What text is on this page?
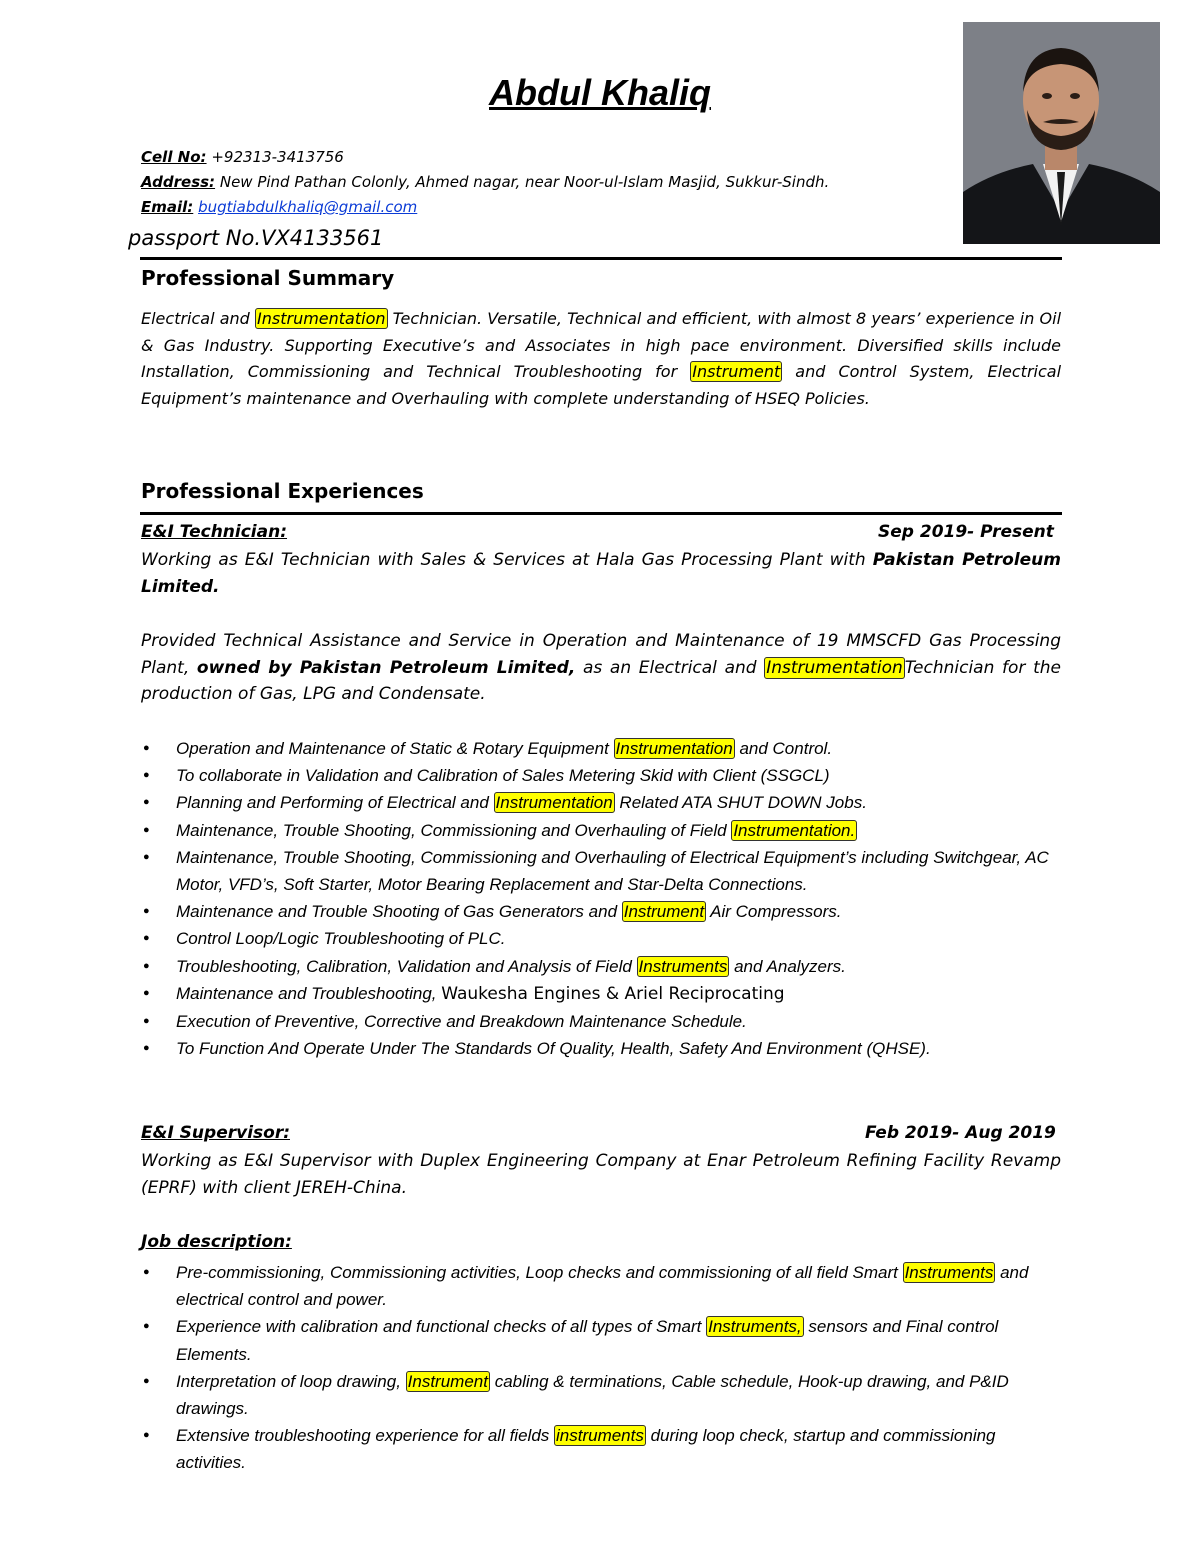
Abdul Khaliq
Cell No: +92313-3413756
Address: New Pind Pathan Colonly, Ahmed nagar, near Noor-ul-Islam Masjid, Sukkur-Sindh.
Email: bugtiabdulkhaliq@gmail.com
passport No.VX4133561
Professional Summary
Electrical and Instrumentation Technician. Versatile, Technical and efficient, with almost 8 years’ experience in Oil & Gas Industry. Supporting Executive’s and Associates in high pace environment. Diversified skills include Installation, Commissioning and Technical Troubleshooting for Instrument and Control System, Electrical Equipment’s maintenance and Overhauling with complete understanding of HSEQ Policies.
Professional Experiences
E&I Technician:	Sep 2019- Present
Working as E&I Technician with Sales & Services at Hala Gas Processing Plant with Pakistan Petroleum Limited.
Provided Technical Assistance and Service in Operation and Maintenance of 19 MMSCFD Gas Processing Plant, owned by Pakistan Petroleum Limited, as an Electrical and Instrumentation Technician for the production of Gas, LPG and Condensate.
● Operation and Maintenance of Static & Rotary Equipment Instrumentation and Control.
● To collaborate in Validation and Calibration of Sales Metering Skid with Client (SSGCL)
● Planning and Performing of Electrical and Instrumentation Related ATA SHUT DOWN Jobs.
● Maintenance, Trouble Shooting, Commissioning and Overhauling of Field Instrumentation.
● Maintenance, Trouble Shooting, Commissioning and Overhauling of Electrical Equipment’s including Switchgear, AC Motor, VFD’s, Soft Starter, Motor Bearing Replacement and Star-Delta Connections.
● Maintenance and Trouble Shooting of Gas Generators and Instrument Air Compressors.
● Control Loop/Logic Troubleshooting of PLC.
● Troubleshooting, Calibration, Validation and Analysis of Field Instruments and Analyzers.
● Maintenance and Troubleshooting, Waukesha Engines & Ariel Reciprocating
● Execution of Preventive, Corrective and Breakdown Maintenance Schedule.
● To Function And Operate Under The Standards Of Quality, Health, Safety And Environment (QHSE).
E&I Supervisor:	Feb 2019- Aug 2019
Working as E&I Supervisor with Duplex Engineering Company at Enar Petroleum Refining Facility Revamp (EPRF) with client JEREH-China.
Job description:
● Pre-commissioning, Commissioning activities, Loop checks and commissioning of all field Smart Instruments and electrical control and power.
● Experience with calibration and functional checks of all types of Smart Instruments, sensors and Final control Elements.
● Interpretation of loop drawing, Instrument cabling & terminations, Cable schedule, Hook-up drawing, and P&ID drawings.
● Extensive troubleshooting experience for all fields instruments during loop check, startup and commissioning activities.
